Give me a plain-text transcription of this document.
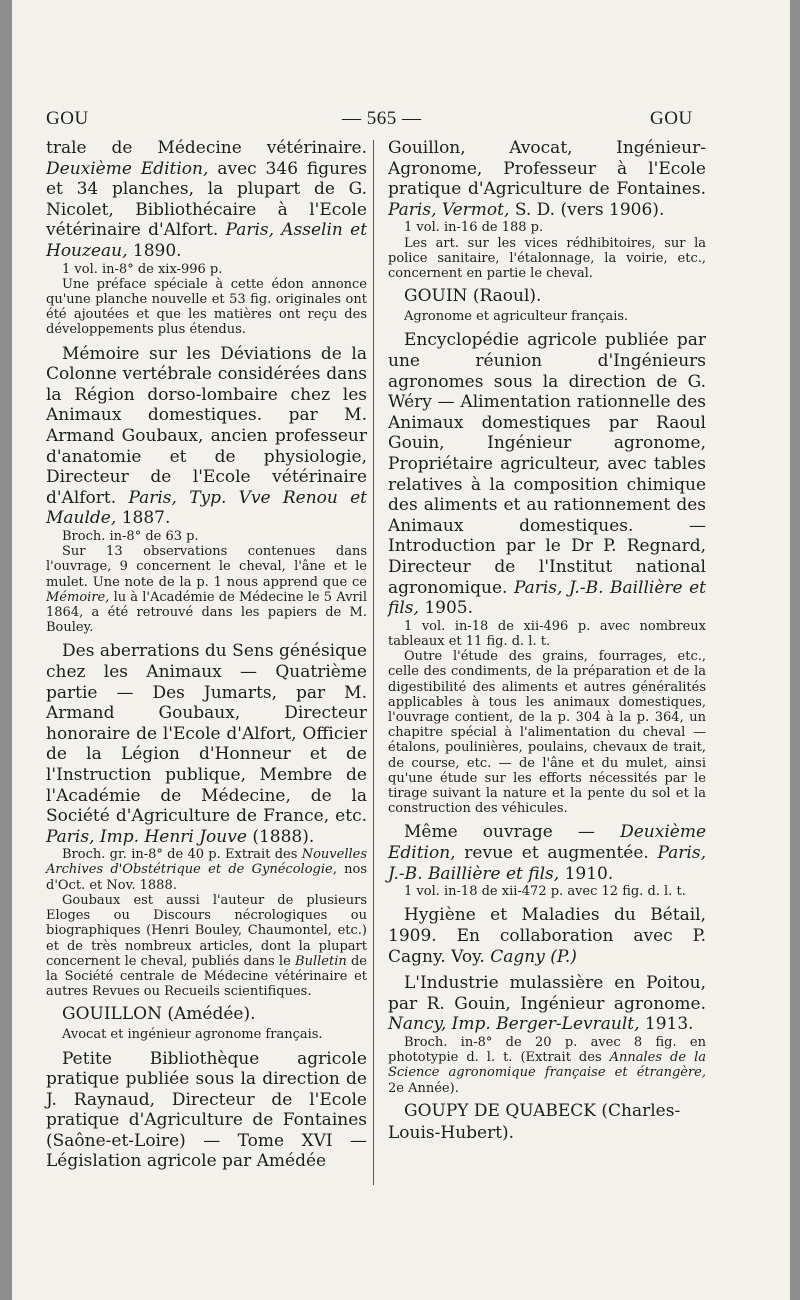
GOU	— 565 —	GOU

trale de Médecine vétérinaire. Deuxième Edition, avec 346 figures et 34 planches, la plupart de G. Nicolet, Bibliothécaire à l'Ecole vétérinaire d'Alfort. Paris, Asselin et Houzeau, 1890.

1 vol. in-8° de xix-996 p.

Une préface spéciale à cette édon annonce qu'une planche nouvelle et 53 fig. originales ont été ajoutées et que les matières ont reçu des développements plus étendus.

Mémoire sur les Déviations de la Colonne vertébrale considérées dans la Région dorso-lombaire chez les Animaux domestiques. par M. Armand Goubaux, ancien professeur d'anatomie et de physiologie, Directeur de l'Ecole vétérinaire d'Alfort. Paris, Typ. Vve Renou et Maulde, 1887.

Broch. in-8° de 63 p.

Sur 13 observations contenues dans l'ouvrage, 9 concernent le cheval, l'âne et le mulet. Une note de la p. 1 nous apprend que ce Mémoire, lu à l'Académie de Médecine le 5 Avril 1864, a été retrouvé dans les papiers de M. Bouley.

Des aberrations du Sens génésique chez les Animaux — Quatrième partie — Des Jumarts, par M. Armand Goubaux, Directeur honoraire de l'Ecole d'Alfort, Officier de la Légion d'Honneur et de l'Instruction publique, Membre de l'Académie de Médecine, de la Société d'Agriculture de France, etc. Paris, Imp. Henri Jouve (1888).

Broch. gr. in-8° de 40 p. Extrait des Nouvelles Archives d'Obstétrique et de Gynécologie, nos d'Oct. et Nov. 1888.

Goubaux est aussi l'auteur de plusieurs Eloges ou Discours nécrologiques ou biographiques (Henri Bouley, Chaumontel, etc.) et de très nombreux articles, dont la plupart concernent le cheval, publiés dans le Bulletin de la Société centrale de Médecine vétérinaire et autres Revues ou Recueils scientifiques.

GOUILLON (Amédée).

Avocat et ingénieur agronome français.

Petite Bibliothèque agricole pratique publiée sous la direction de J. Raynaud, Directeur de l'Ecole pratique d'Agriculture de Fontaines (Saône-et-Loire) — Tome XVI — Législation agricole par Amédée

Gouillon, Avocat, Ingénieur-Agronome, Professeur à l'Ecole pratique d'Agriculture de Fontaines. Paris, Vermot, S. D. (vers 1906).

1 vol. in-16 de 188 p.

Les art. sur les vices rédhibitoires, sur la police sanitaire, l'étalonnage, la voirie, etc., concernent en partie le cheval.

GOUIN (Raoul).

Agronome et agriculteur français.

Encyclopédie agricole publiée par une réunion d'Ingénieurs agronomes sous la direction de G. Wéry — Alimentation rationnelle des Animaux domestiques par Raoul Gouin, Ingénieur agronome, Propriétaire agriculteur, avec tables relatives à la composition chimique des aliments et au rationnement des Animaux domestiques. — Introduction par le Dr P. Regnard, Directeur de l'Institut national agronomique. Paris, J.-B. Baillière et fils, 1905.

1 vol. in-18 de xii-496 p. avec nombreux tableaux et 11 fig. d. l. t.

Outre l'étude des grains, fourrages, etc., celle des condiments, de la préparation et de la digestibilité des aliments et autres généralités applicables à tous les animaux domestiques, l'ouvrage contient, de la p. 304 à la p. 364, un chapitre spécial à l'alimentation du cheval — étalons, poulinières, poulains, chevaux de trait, de course, etc. — de l'âne et du mulet, ainsi qu'une étude sur les efforts nécessités par le tirage suivant la nature et la pente du sol et la construction des véhicules.

Même ouvrage — Deuxième Edition, revue et augmentée. Paris, J.-B. Baillière et fils, 1910.

1 vol. in-18 de xii-472 p. avec 12 fig. d. l. t.

Hygiène et Maladies du Bétail, 1909. En collaboration avec P. Cagny. Voy. Cagny (P.)

L'Industrie mulassière en Poitou, par R. Gouin, Ingénieur agronome. Nancy, Imp. Berger-Levrault, 1913.

Broch. in-8° de 20 p. avec 8 fig. en phototypie d. l. t. (Extrait des Annales de la Science agronomique française et étrangère, 2e Année).

GOUPY DE QUABECK (Charles-Louis-Hubert).
